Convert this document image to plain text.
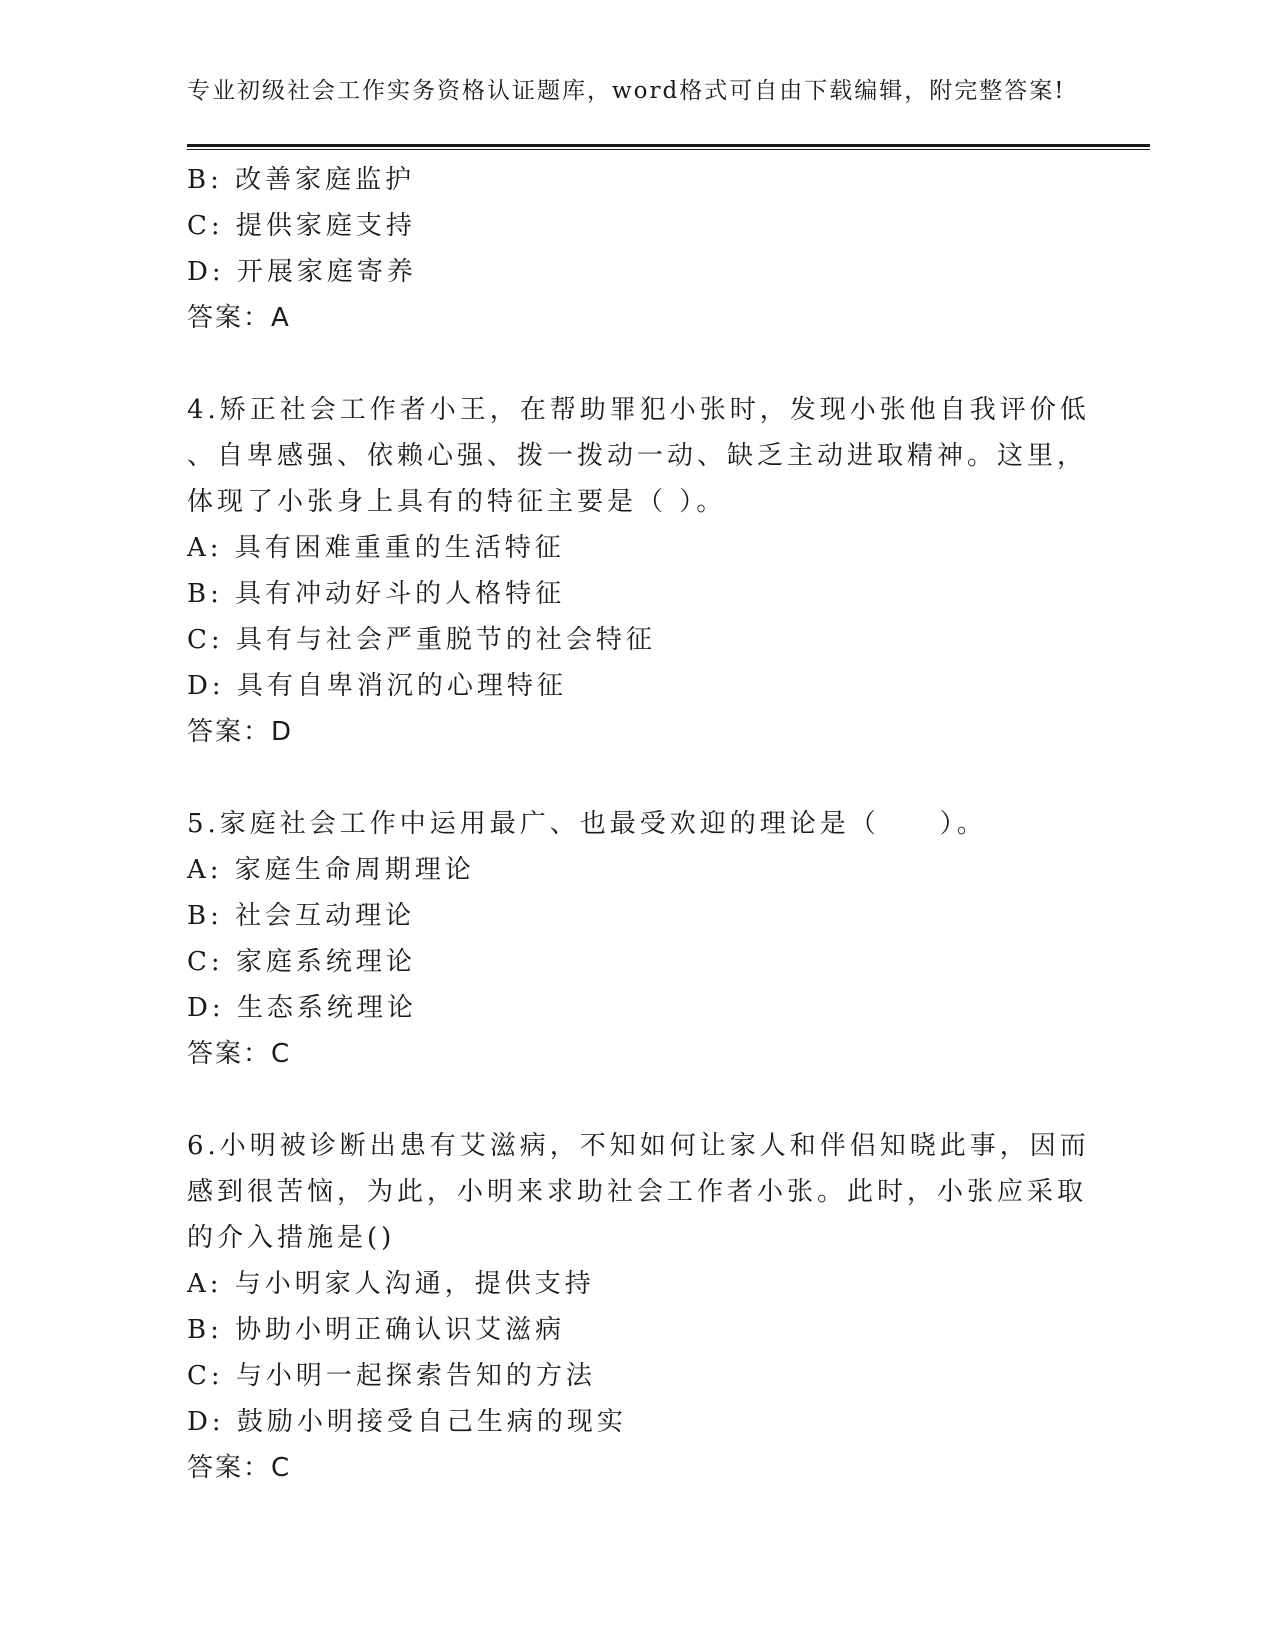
专业初级社会工作实务资格认证题库，word格式可自由下载编辑，附完整答案!
B: 改善家庭监护
C: 提供家庭支持
D: 开展家庭寄养
答案：A
4.矫正社会工作者小王，在帮助罪犯小张时，发现小张他自我评价低
、自卑感强、依赖心强、拨一拨动一动、缺乏主动进取精神。这里，
体现了小张身上具有的特征主要是（ ）。
A: 具有困难重重的生活特征
B: 具有冲动好斗的人格特征
C: 具有与社会严重脱节的社会特征
D: 具有自卑消沉的心理特征
答案：D
5.家庭社会工作中运用最广、也最受欢迎的理论是（　　）。
A: 家庭生命周期理论
B: 社会互动理论
C: 家庭系统理论
D: 生态系统理论
答案：C
6.小明被诊断出患有艾滋病，不知如何让家人和伴侣知晓此事，因而
感到很苦恼，为此，小明来求助社会工作者小张。此时，小张应采取
的介入措施是()
A: 与小明家人沟通，提供支持
B: 协助小明正确认识艾滋病
C: 与小明一起探索告知的方法
D: 鼓励小明接受自己生病的现实
答案：C
